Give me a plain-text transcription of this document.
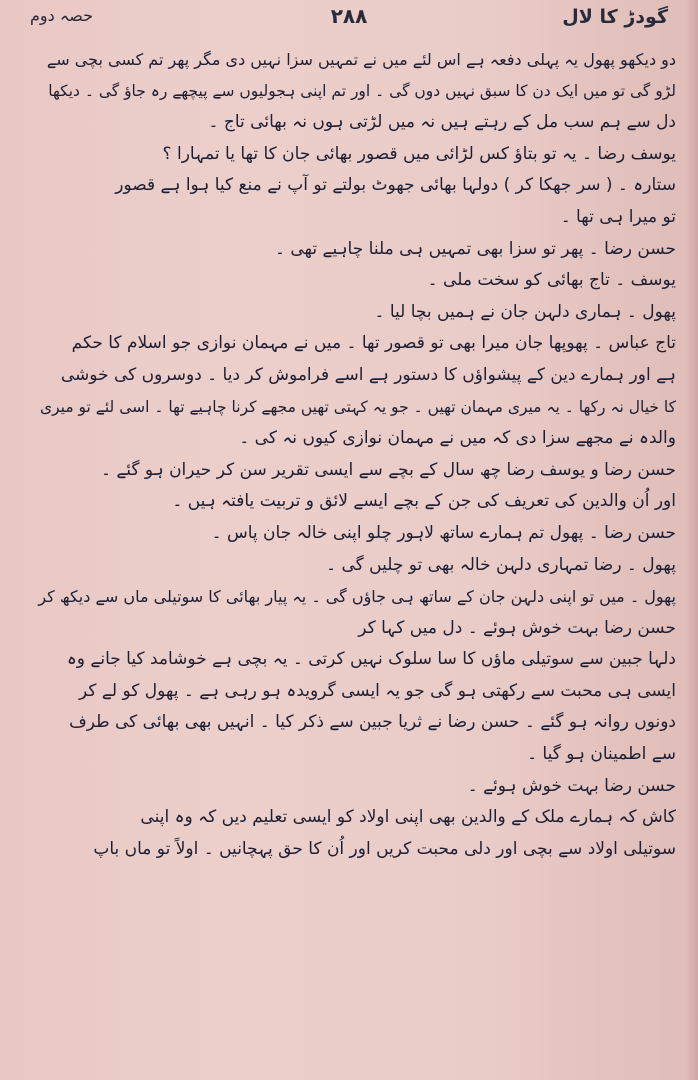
گودڑ کا لال
۲۸۸
حصہ دوم
دو دیکھو پھول یہ پہلی دفعہ ہے اس لئے میں نے تمہیں سزا نہیں دی مگر پھر تم کسی بچی سے
لڑو گی تو میں ایک دن کا سبق نہیں دوں گی ۔ اور تم اپنی ہجولیوں سے پیچھے رہ جاؤ گی ۔ دیکھا
دل سے ہم سب مل کے رہتے ہیں نہ میں لڑتی ہوں نہ بھائی تاج ۔
یوسف رضا ۔ یہ تو بتاؤ کس لڑائی میں قصور بھائی جان کا تھا یا تمہارا ؟
ستارہ ۔ ( سر جھکا کر ) دولہا بھائی جھوٹ بولتے تو آپ نے منع کیا ہوا ہے قصور
تو میرا ہی تھا ۔
حسن رضا ۔ پھر تو سزا بھی تمہیں ہی ملنا چاہیے تھی ۔
یوسف ۔ تاج بھائی کو سخت ملی ۔
پھول ۔ ہماری دلہن جان نے ہمیں بچا لیا ۔
تاج عباس ۔ پھوپھا جان میرا بھی تو قصور تھا ۔ میں نے مہمان نوازی جو اسلام کا حکم
ہے اور ہمارے دین کے پیشواؤں کا دستور ہے اسے فراموش کر دیا ۔ دوسروں کی خوشی
کا خیال نہ رکھا ۔ یہ میری مہمان تھیں ۔ جو یہ کہتی تھیں مجھے کرنا چاہیے تھا ۔ اسی لئے تو میری
والدہ نے مجھے سزا دی کہ میں نے مہمان نوازی کیوں نہ کی ۔
حسن رضا و یوسف رضا چھ سال کے بچے سے ایسی تقریر سن کر حیران ہو گئے ۔
اور اُن والدین کی تعریف کی جن کے بچے ایسے لائق و تربیت یافتہ ہیں ۔
حسن رضا ۔ پھول تم ہمارے ساتھ لاہور چلو اپنی خالہ جان پاس ۔
پھول ۔ رضا تمہاری دلہن خالہ بھی تو چلیں گی ۔
پھول ۔ میں تو اپنی دلہن جان کے ساتھ ہی جاؤں گی ۔ یہ پیار بھائی کا سوتیلی ماں سے دیکھ کر
حسن رضا بہت خوش ہوئے ۔ دل میں کہا کر
دلہا جبین سے سوتیلی ماؤں کا سا سلوک نہیں کرتی ۔ یہ بچی ہے خوشامد کیا جانے وہ
ایسی ہی محبت سے رکھتی ہو گی جو یہ ایسی گرویدہ ہو رہی ہے ۔ پھول کو لے کر
دونوں روانہ ہو گئے ۔ حسن رضا نے ثریا جبین سے ذکر کیا ۔ انہیں بھی بھائی کی طرف
سے اطمینان ہو گیا ۔
حسن رضا بہت خوش ہوئے ۔
کاش کہ ہمارے ملک کے والدین بھی اپنی اولاد کو ایسی تعلیم دیں کہ وہ اپنی
سوتیلی اولاد سے بچی اور دلی محبت کریں اور اُن کا حق پہچانیں ۔ اولاً تو ماں باپ
